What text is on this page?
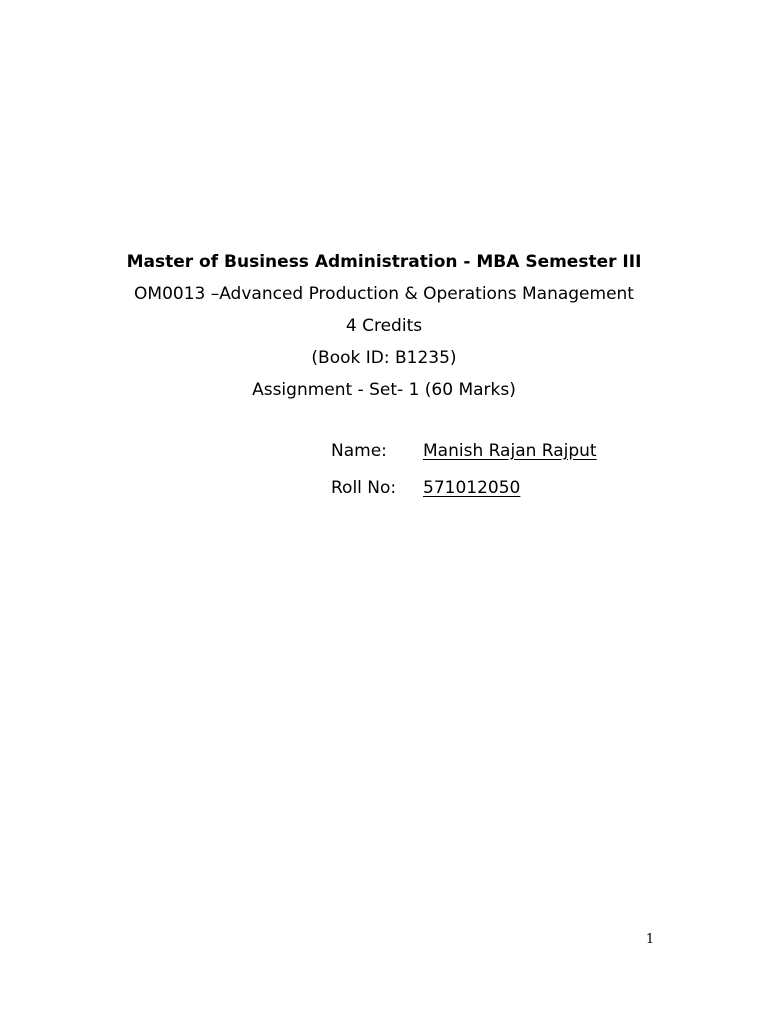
Master of Business Administration - MBA Semester III
OM0013 –Advanced Production & Operations Management
4 Credits
(Book ID: B1235)
Assignment - Set- 1 (60 Marks)
Name: Manish Rajan Rajput
Roll No: 571012050
1
